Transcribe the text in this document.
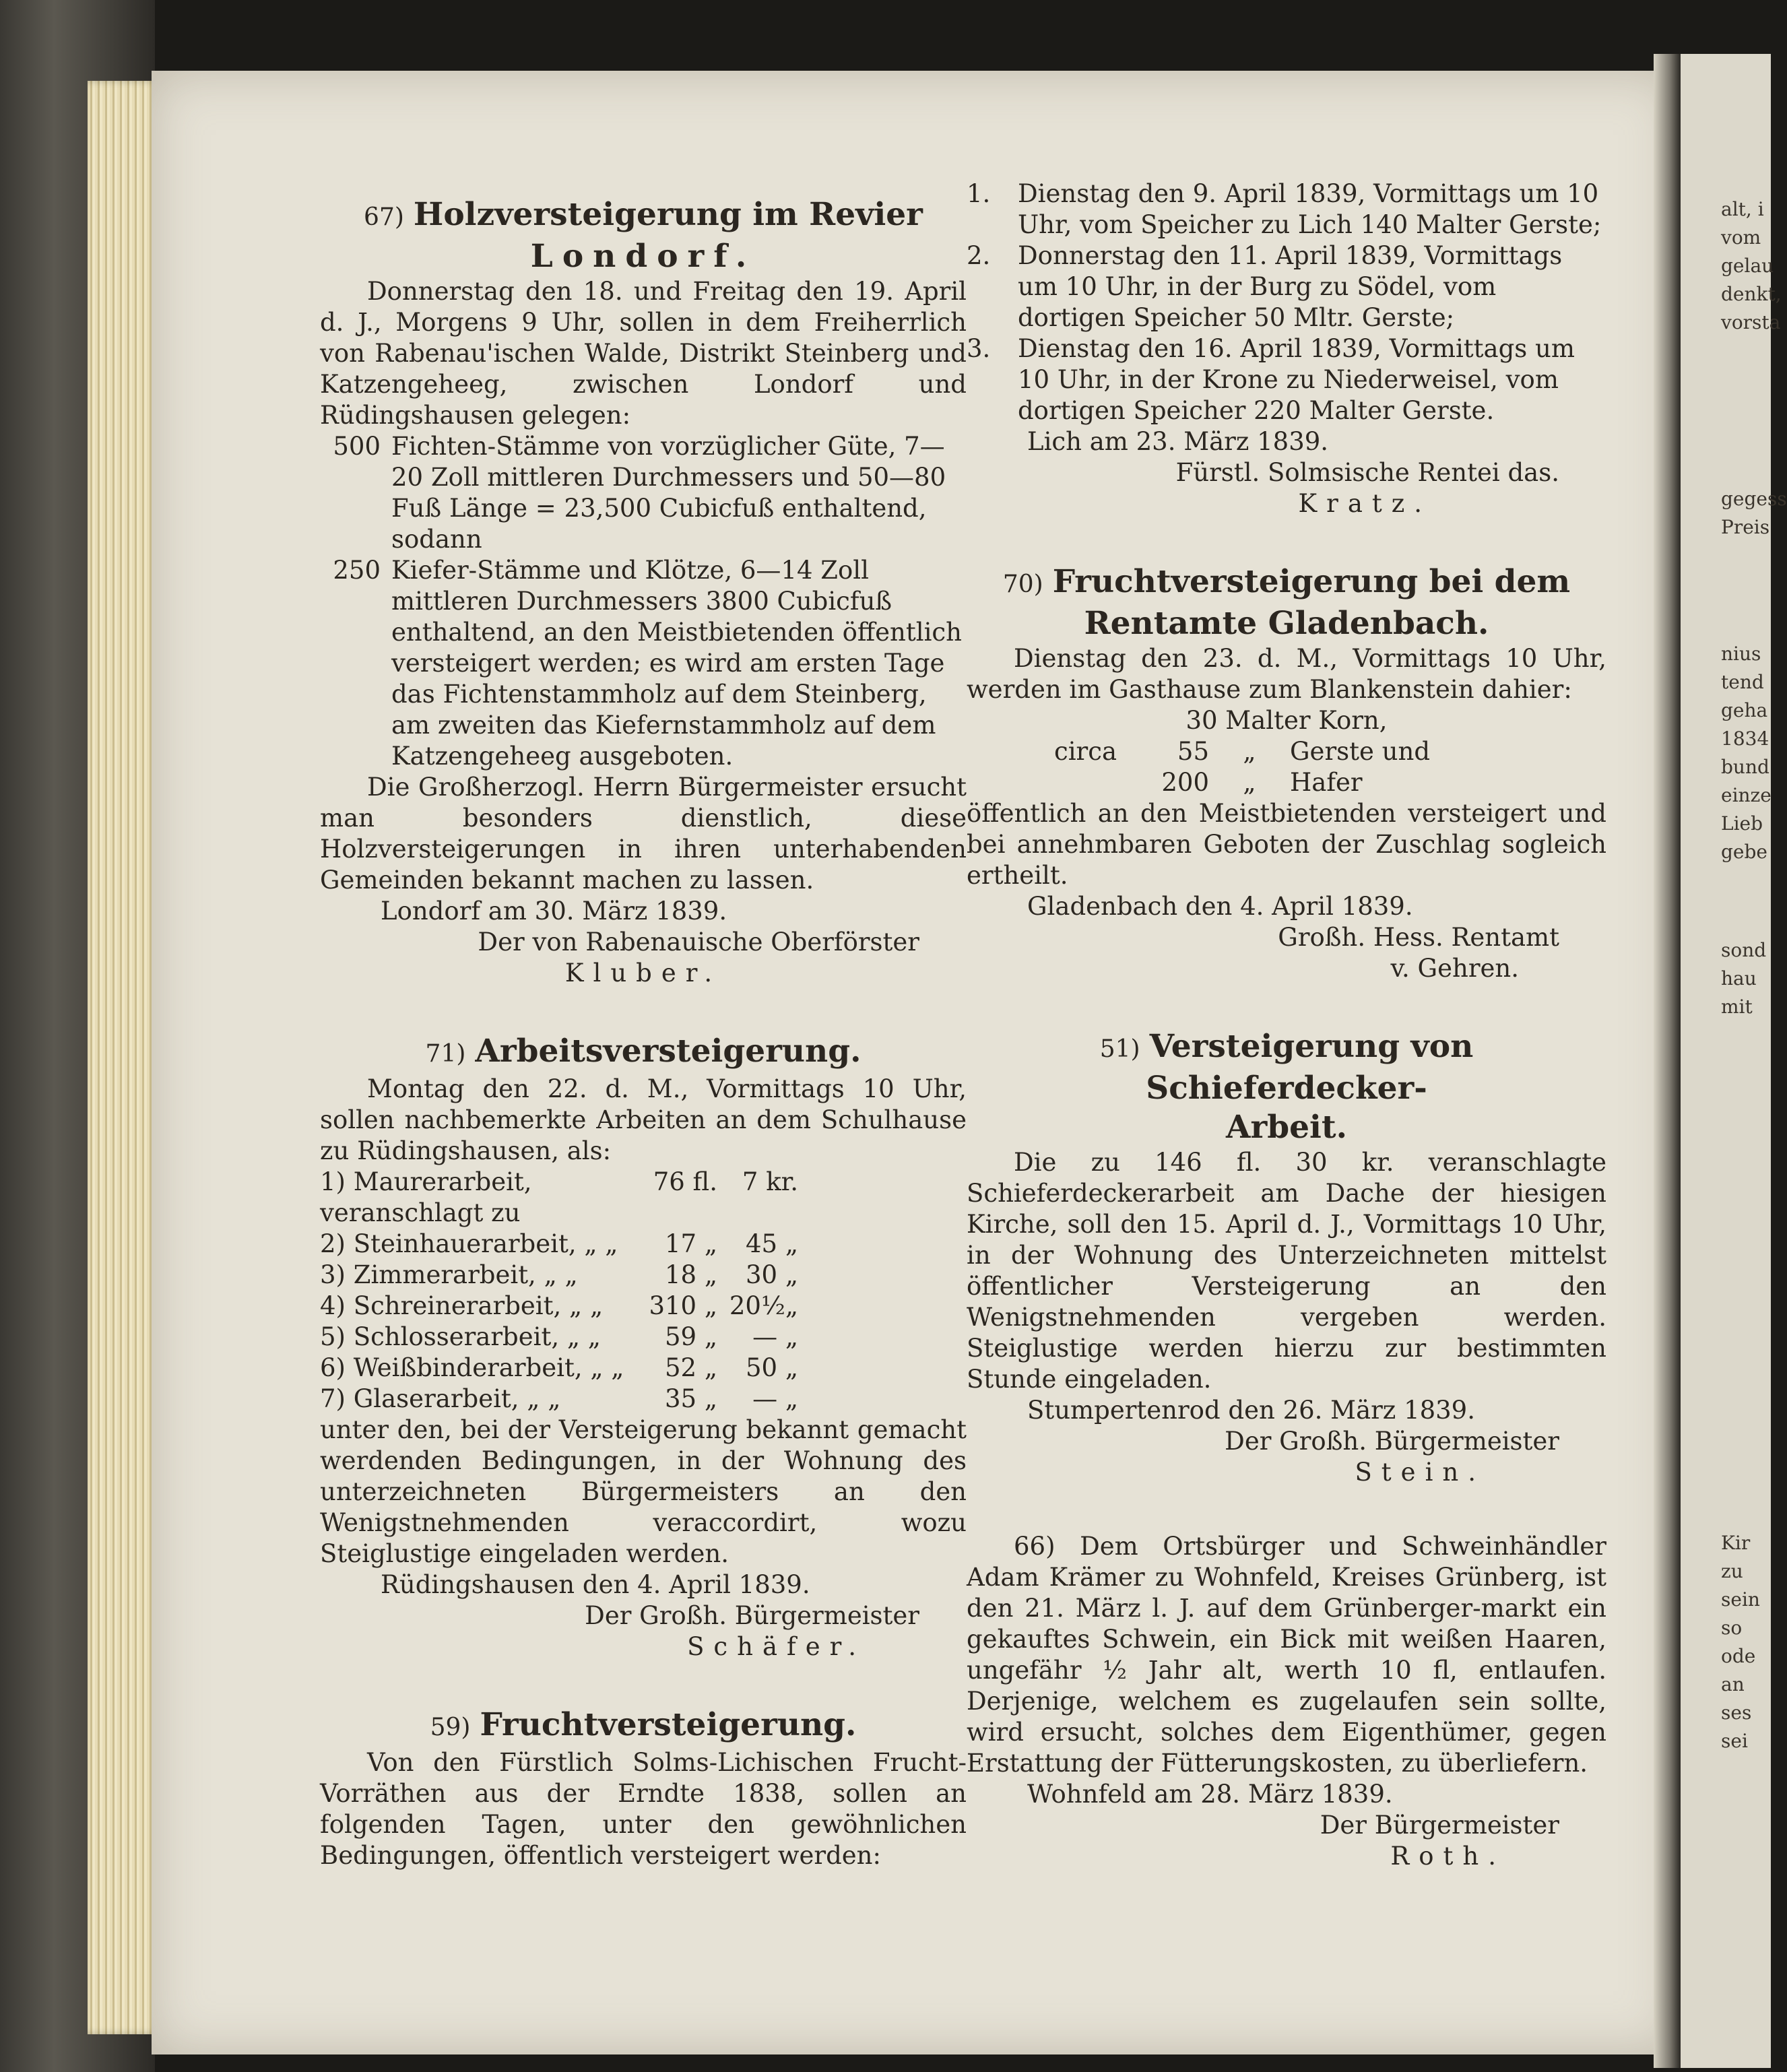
67) Holzversteigerung im Revier
Londorf.

Donnerstag den 18. und Freitag den 19. April d. J., Morgens 9 Uhr, sollen in dem Freiherrlich von Rabenau'ischen Walde, Distrikt Steinberg und Katzengeheeg, zwischen Londorf und Rüdingshausen gelegen:

500 Fichten-Stämme von vorzüglicher Güte, 7—20 Zoll mittleren Durchmessers und 50—80 Fuß Länge = 23,500 Cubicfuß enthaltend, sodann
250 Kiefer-Stämme und Klötze, 6—14 Zoll mittleren Durchmessers 3800 Cubicfuß enthaltend, an den Meistbietenden öffentlich versteigert werden; es wird am ersten Tage das Fichtenstammholz auf dem Steinberg, am zweiten das Kiefernstammholz auf dem Katzengeheeg ausgeboten.

Die Großherzogl. Herrn Bürgermeister ersucht man besonders dienstlich, diese Holzversteigerungen in ihren unterhabenden Gemeinden bekannt machen zu lassen.

Londorf am 30. März 1839.

Der von Rabenauische Oberförster
Kluber.
71) Arbeitsversteigerung.

Montag den 22. d. M., Vormittags 10 Uhr, sollen nachbemerkte Arbeiten an dem Schulhause zu Rüdingshausen, als:

1) Maurerarbeit, veranschlagt zu
76 fl. 7 kr.
2) Steinhauerarbeit, „ „	17 „	45 „
3) Zimmerarbeit, „ „	18 „	30 „
4) Schreinerarbeit, „ „	310 „ 20½„
5) Schlosserarbeit, „ „	59 „	— „
6) Weißbinderarbeit, „ „	52 „	50 „
7) Glaserarbeit, „ „	35 „	— „

unter den, bei der Versteigerung bekannt gemacht werdenden Bedingungen, in der Wohnung des unterzeichneten Bürgermeisters an den Wenigstnehmenden veraccordirt, wozu Steiglustige eingeladen werden.

Rüdingshausen den 4. April 1839.

Der Großh. Bürgermeister
Schäfer.
59) Fruchtversteigerung.

Von den Fürstlich Solms-Lichischen Frucht-Vorräthen aus der Erndte 1838, sollen an folgenden Tagen, unter den gewöhnlichen Bedingungen, öffentlich versteigert werden:

1.	Dienstag den 9. April 1839, Vormittags um 10 Uhr, vom Speicher zu Lich 140 Malter Gerste;
2.	Donnerstag den 11. April 1839, Vormittags um 10 Uhr, in der Burg zu Södel, vom dortigen Speicher 50 Mltr. Gerste;
3.	Dienstag den 16. April 1839, Vormittags um 10 Uhr, in der Krone zu Niederweisel, vom dortigen Speicher 220 Malter Gerste.

Lich am 23. März 1839.

Fürstl. Solmsische Rentei das.
Kratz.
70) Fruchtversteigerung bei dem
Rentamte Gladenbach.

Dienstag den 23. d. M., Vormittags 10 Uhr, werden im Gasthause zum Blankenstein dahier:

30 Malter Korn,
circa	55	„	Gerste und
200	„	Hafer

öffentlich an den Meistbietenden versteigert und bei annehmbaren Geboten der Zuschlag sogleich ertheilt.

Gladenbach den 4. April 1839.

Großh. Hess. Rentamt
v. Gehren.
51) Versteigerung von Schieferdecker-
Arbeit.

Die zu 146 fl. 30 kr. veranschlagte Schieferdeckerarbeit am Dache der hiesigen Kirche, soll den 15. April d. J., Vormittags 10 Uhr, in der Wohnung des Unterzeichneten mittelst öffentlicher Versteigerung an den Wenigstnehmenden vergeben werden. Steiglustige werden hierzu zur bestimmten Stunde eingeladen.

Stumpertenrod den 26. März 1839.

Der Großh. Bürgermeister
Stein.

66) Dem Ortsbürger und Schweinhändler Adam Krämer zu Wohnfeld, Kreises Grünberg, ist den 21. März l. J. auf dem Grünberger-markt ein gekauftes Schwein, ein Bick mit weißen Haaren, ungefähr ½ Jahr alt, werth 10 fl, entlaufen. Derjenige, welchem es zugelaufen sein sollte, wird ersucht, solches dem Eigenthümer, gegen Erstattung der Fütterungskosten, zu überliefern.

Wohnfeld am 28. März 1839.

Der Bürgermeister
Roth.
alt, i
vom
gelau
denkt,
vorsta
gegess
Preis
nius
tend
geha
1834
bund
einze
Lieb
gebe
sond
hau
mit
Kir
zu
sein
so
ode
an
ses
sei
